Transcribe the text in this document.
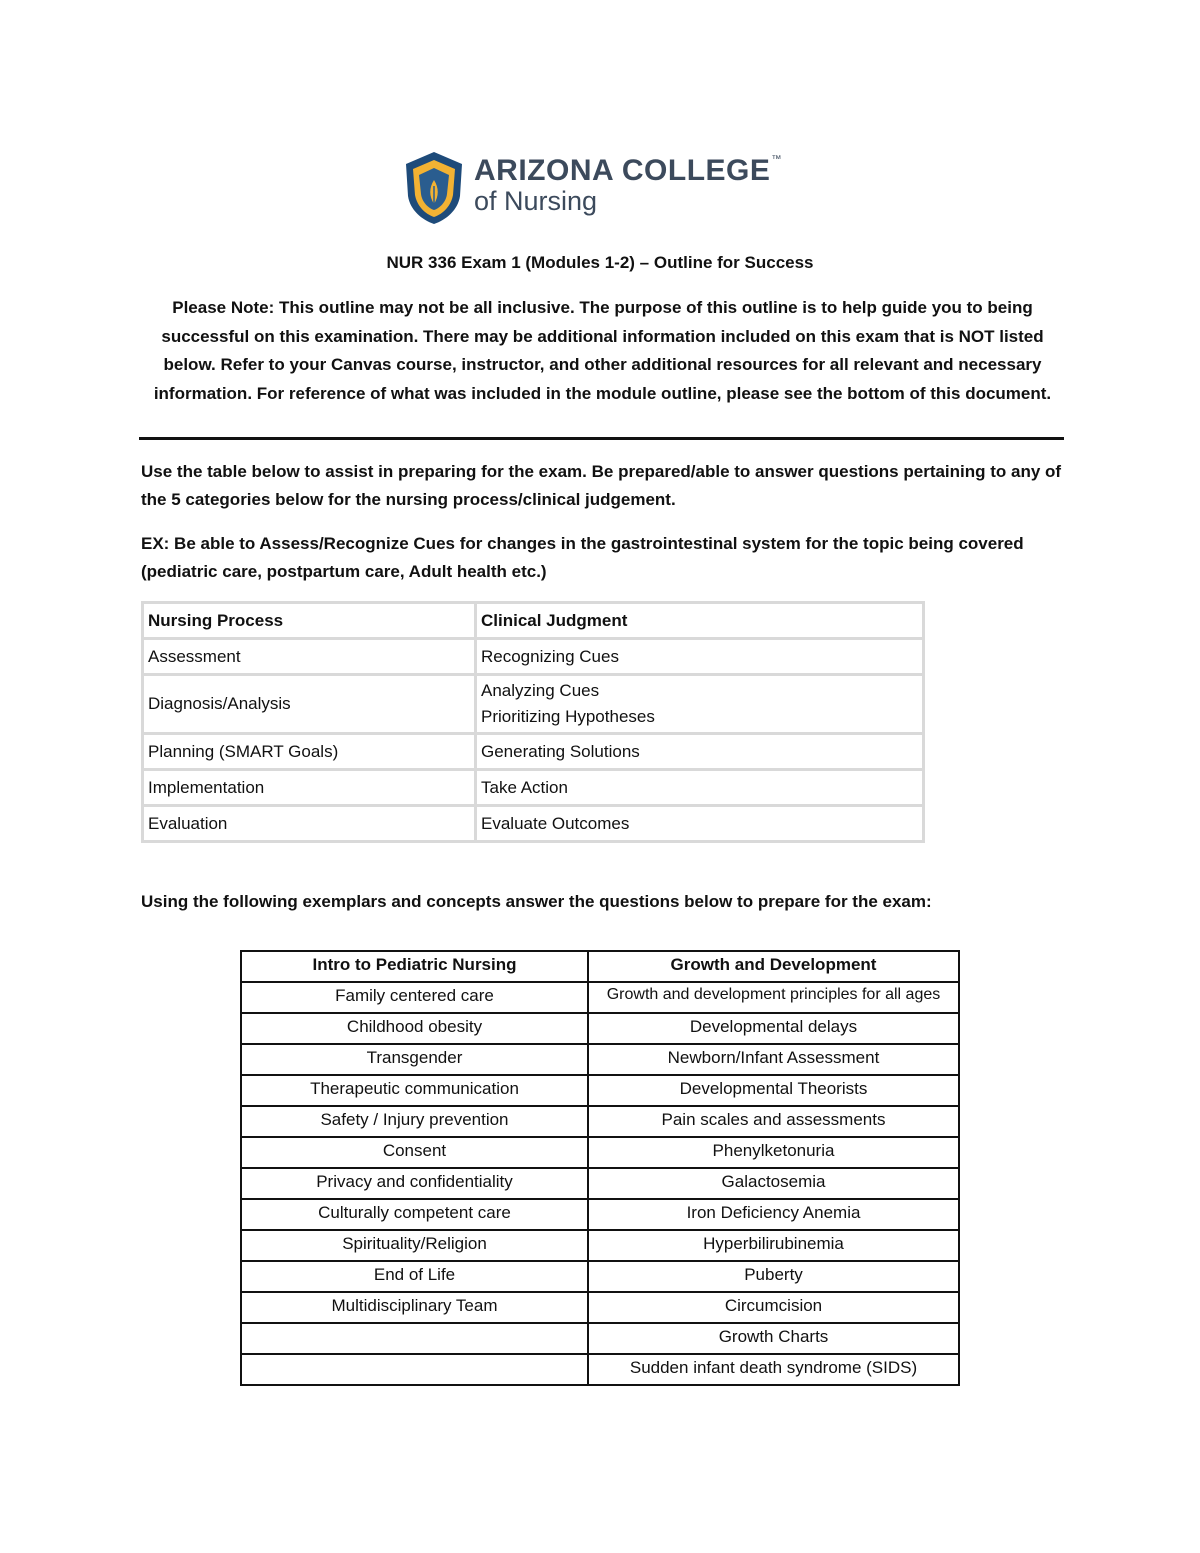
ARIZONA COLLEGE™
of Nursing
NUR 336 Exam 1 (Modules 1-2) – Outline for Success
Please Note: This outline may not be all inclusive. The purpose of this outline is to help guide you to being successful on this examination. There may be additional information included on this exam that is NOT listed below. Refer to your Canvas course, instructor, and other additional resources for all relevant and necessary information. For reference of what was included in the module outline, please see the bottom of this document.
Use the table below to assist in preparing for the exam. Be prepared/able to answer questions pertaining to any of the 5 categories below for the nursing process/clinical judgement.
EX: Be able to Assess/Recognize Cues for changes in the gastrointestinal system for the topic being covered (pediatric care, postpartum care, Adult health etc.)
Nursing Process	Clinical Judgment
Assessment	Recognizing Cues
Diagnosis/Analysis	Analyzing Cues
Prioritizing Hypotheses

Planning (SMART Goals)	Generating Solutions
Implementation	Take Action
Evaluation	Evaluate Outcomes
Using the following exemplars and concepts answer the questions below to prepare for the exam:
Intro to Pediatric Nursing	Growth and Development
Family centered care	Growth and development principles for all ages

Childhood obesity	Developmental delays
Transgender	Newborn/Infant Assessment
Therapeutic communication	Developmental Theorists
Safety / Injury prevention	Pain scales and assessments
Consent	Phenylketonuria
Privacy and confidentiality	Galactosemia
Culturally competent care	Iron Deficiency Anemia
Spirituality/Religion	Hyperbilirubinemia
End of Life	Puberty
Multidisciplinary Team	Circumcision
	Growth Charts
	Sudden infant death syndrome (SIDS)
